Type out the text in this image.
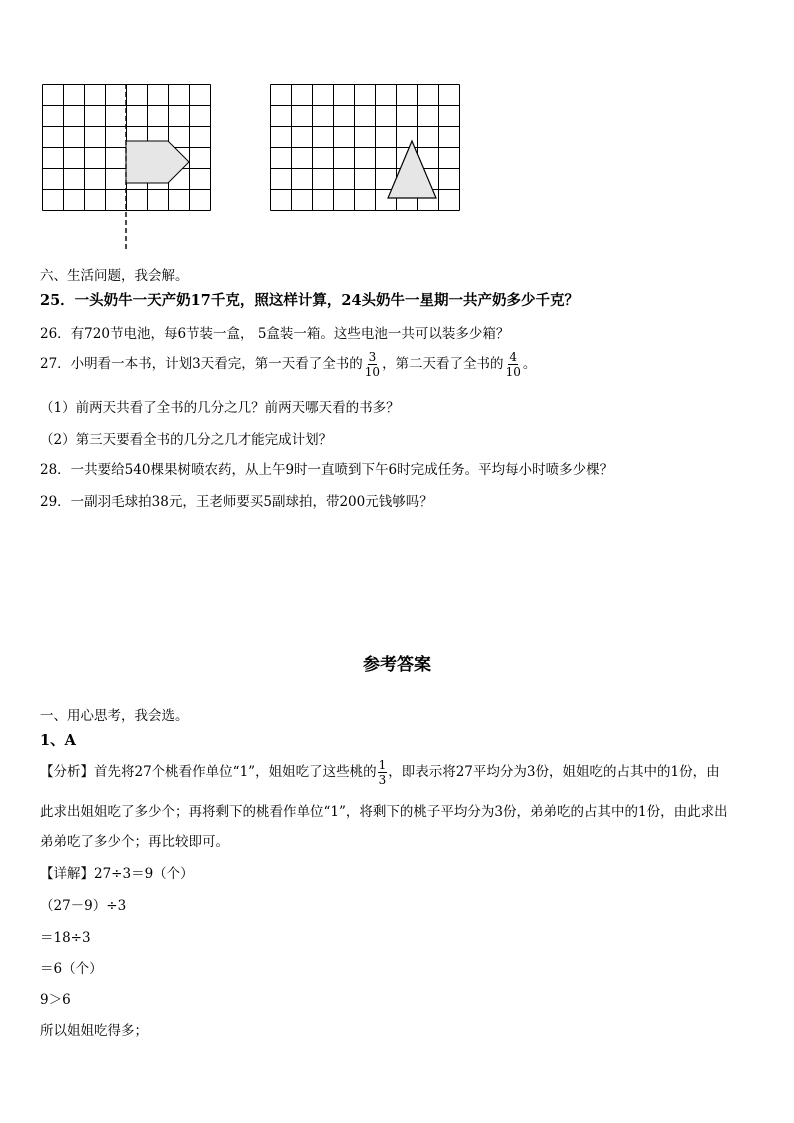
六、生活问题，我会解。
25．一头奶牛一天产奶17千克，照这样计算，24头奶牛一星期一共产奶多少千克？
26．有720节电池，每6节装一盒， 5盒装一箱。这些电池一共可以装多少箱？
27．小明看一本书，计划3天看完，第一天看了全书的 $\frac{3}{10}$ ，第二天看了全书的 $\frac{4}{10}$ 。
（1）前两天共看了全书的几分之几？前两天哪天看的书多？
（2）第三天要看全书的几分之几才能完成计划？
28．一共要给540棵果树喷农药，从上午9时一直喷到下午6时完成任务。平均每小时喷多少棵？
29．一副羽毛球拍38元，王老师要买5副球拍，带200元钱够吗？
参考答案
一、用心思考，我会选。
1、A
【分析】首先将27个桃看作单位“1”，姐姐吃了这些桃的 $\frac{1}{3}$ ，即表示将27平均分为3份，姐姐吃的占其中的1份，由
此求出姐姐吃了多少个；再将剩下的桃看作单位“1”，将剩下的桃子平均分为3份，弟弟吃的占其中的1份，由此求出
弟弟吃了多少个；再比较即可。
【详解】27÷3＝9（个）
（27－9）÷3
＝18÷3
＝6（个）
9＞6
所以姐姐吃得多；
